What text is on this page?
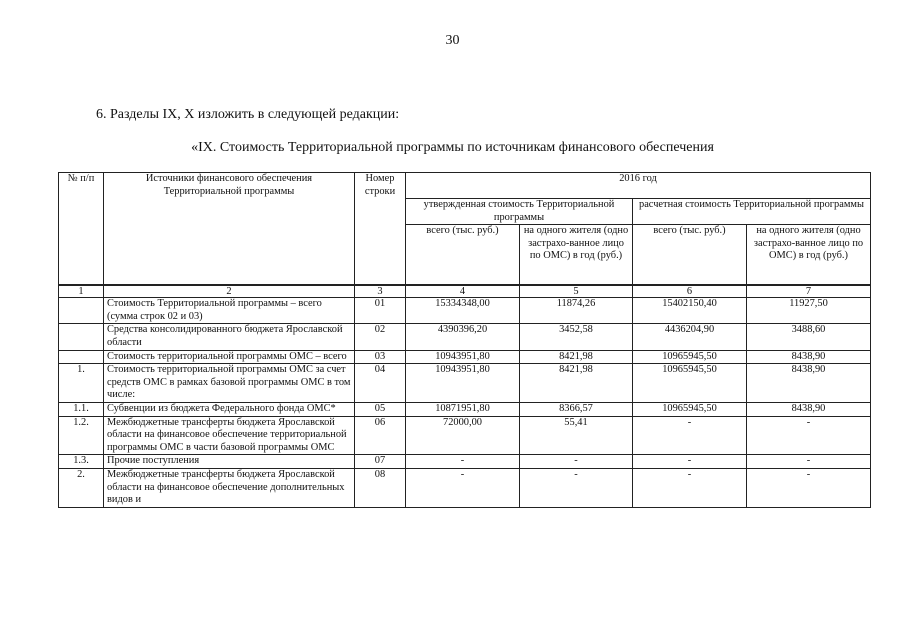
30
6. Разделы IX, X изложить в следующей редакции:
«IX. Стоимость Территориальной программы по источникам финансового обеспечения
№ п/п	Источники финансового обеспечения Территориальной программы	Номер строки	2016 год			
			утвержденная стоимость Территориальной программы		расчетная стоимость Территориальной программы	
			всего (тыс. руб.)	на одного жителя (одно застрахо-ванное лицо по ОМС) в год (руб.)	всего (тыс. руб.)	на одного жителя (одно застрахо-ванное лицо по ОМС) в год (руб.)
1	2	3	4	5	6	7
	Стоимость Территориальной программы – всего (сумма строк 02 и 03)	01	15334348,00	11874,26	15402150,40	11927,50
	Средства консолидированного бюджета Ярославской области	02	4390396,20	3452,58	4436204,90	3488,60
	Стоимость территориальной программы ОМС – всего	03	10943951,80	8421,98	10965945,50	8438,90
1.	Стоимость территориальной программы ОМС за счет средств ОМС в рамках базовой программы ОМС в том числе:	04	10943951,80	8421,98	10965945,50	8438,90
1.1.	Субвенции из бюджета Федерального фонда ОМС*	05	10871951,80	8366,57	10965945,50	8438,90
1.2.	Межбюджетные трансферты бюджета Ярославской области на финансовое обеспечение территориальной программы ОМС в части базовой программы ОМС	06	72000,00	55,41	-	-
1.3.	Прочие поступления	07	-	-	-	-
2.	Межбюджетные трансферты бюджета Ярославской области на финансовое обеспечение дополнительных видов и	08	-	-	-	-
